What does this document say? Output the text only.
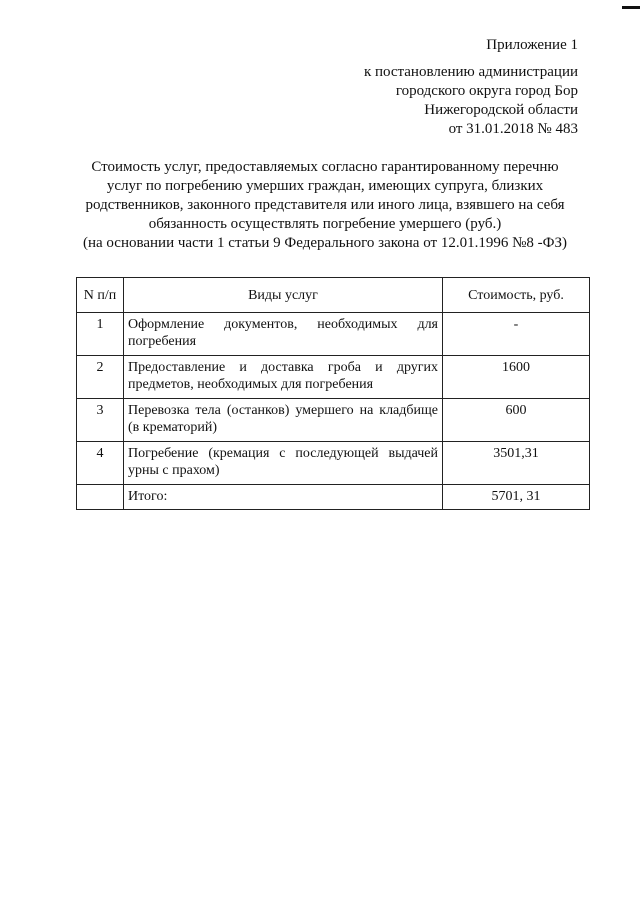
Приложение 1
к постановлению администрации
городского округа город Бор
Нижегородской области
от 31.01.2018 № 483
Стоимость услуг, предоставляемых согласно гарантированному перечню
услуг по погребению умерших граждан, имеющих супруга, близких
родственников, законного представителя или иного лица, взявшего на себя
обязанность осуществлять погребение умершего (руб.)
(на основании части 1 статьи 9 Федерального закона от 12.01.1996 №8 -ФЗ)
N п/п	Виды услуг	Стоимость, руб.
1	Оформление документов, необходимых для погребения	-
2	Предоставление и доставка гроба и других предметов, необходимых для погребения	1600
3	Перевозка тела (останков) умершего на кладбище (в крематорий)	600
4	Погребение (кремация с последующей выдачей урны с прахом)	3501,31
	Итого:	5701, 31
